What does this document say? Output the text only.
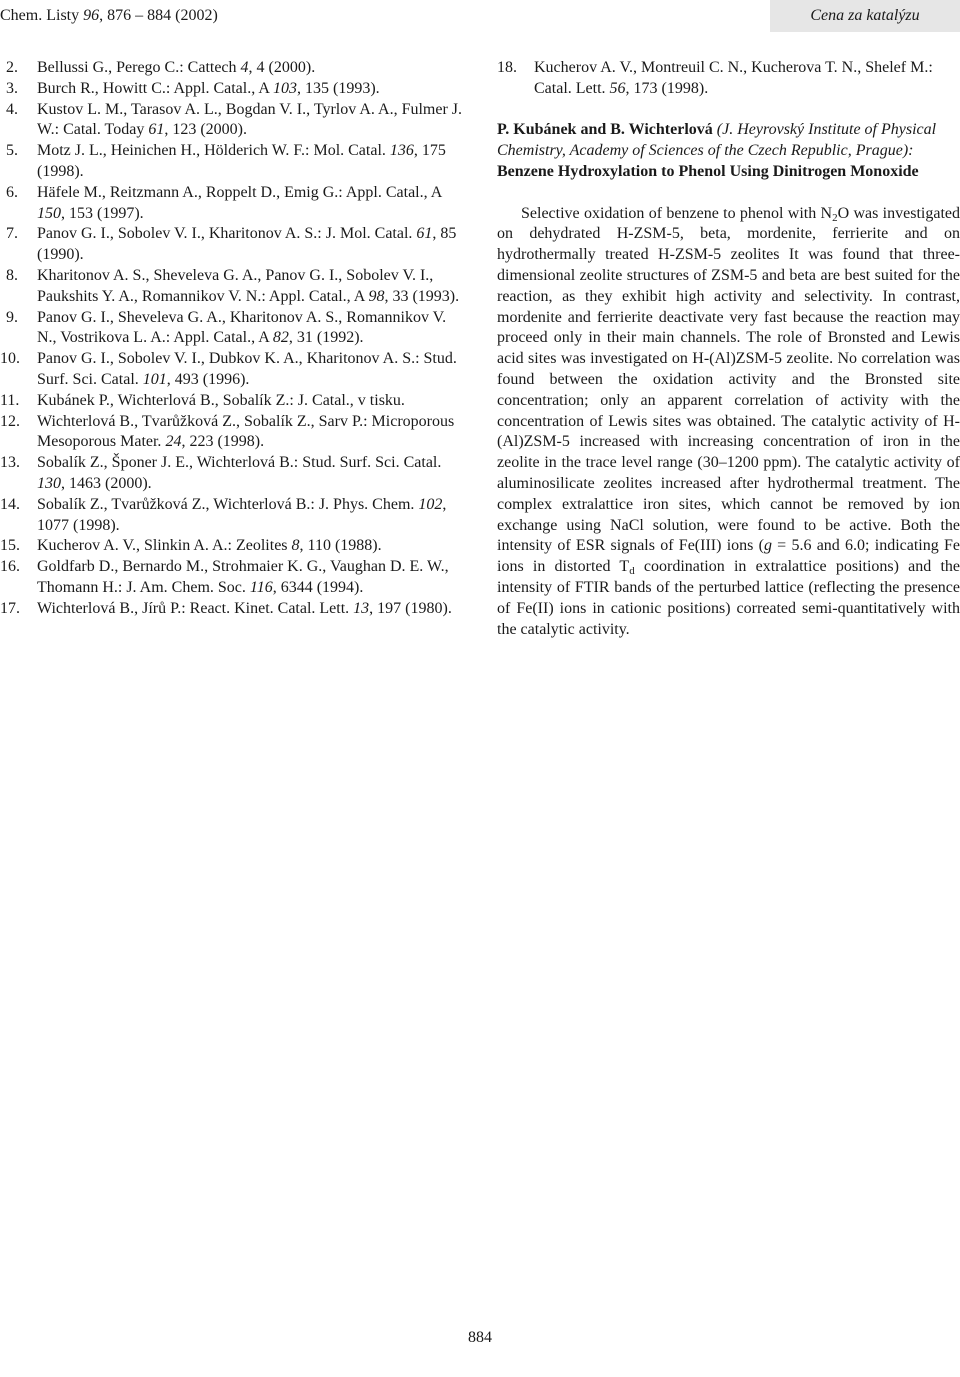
Chem. Listy 96, 876 – 884 (2002)	Cena za katalýzu
2. Bellussi G., Perego C.: Cattech 4, 4 (2000).
3. Burch R., Howitt C.: Appl. Catal., A 103, 135 (1993).
4. Kustov L. M., Tarasov A. L., Bogdan V. I., Tyrlov A. A., Fulmer J. W.: Catal. Today 61, 123 (2000).
5. Motz J. L., Heinichen H., Hölderich W. F.: Mol. Catal. 136, 175 (1998).
6. Häfele M., Reitzmann A., Roppelt D., Emig G.: Appl. Catal., A 150, 153 (1997).
7. Panov G. I., Sobolev V. I., Kharitonov A. S.: J. Mol. Catal. 61, 85 (1990).
8. Kharitonov A. S., Sheveleva G. A., Panov G. I., Sobolev V. I., Paukshits Y. A., Romannikov V. N.: Appl. Catal., A 98, 33 (1993).
9. Panov G. I., Sheveleva G. A., Kharitonov A. S., Romannikov V. N., Vostrikova L. A.: Appl. Catal., A 82, 31 (1992).
10. Panov G. I., Sobolev V. I., Dubkov K. A., Kharitonov A. S.: Stud. Surf. Sci. Catal. 101, 493 (1996).
11. Kubánek P., Wichterlová B., Sobalík Z.: J. Catal., v tisku.
12. Wichterlová B., Tvarůžková Z., Sobalík Z., Sarv P.: Microporous Mesoporous Mater. 24, 223 (1998).
13. Sobalík Z., Šponer J. E., Wichterlová B.: Stud. Surf. Sci. Catal. 130, 1463 (2000).
14. Sobalík Z., Tvarůžková Z., Wichterlová B.: J. Phys. Chem. 102, 1077 (1998).
15. Kucherov A. V., Slinkin A. A.: Zeolites 8, 110 (1988).
16. Goldfarb D., Bernardo M., Strohmaier K. G., Vaughan D. E. W., Thomann H.: J. Am. Chem. Soc. 116, 6344 (1994).
17. Wichterlová B., Jírů P.: React. Kinet. Catal. Lett. 13, 197 (1980).
18. Kucherov A. V., Montreuil C. N., Kucherova T. N., Shelef M.: Catal. Lett. 56, 173 (1998).
P. Kubánek and B. Wichterlová (J. Heyrovský Institute of Physical Chemistry, Academy of Sciences of the Czech Republic, Prague): Benzene Hydroxylation to Phenol Using Dinitrogen Monoxide
Selective oxidation of benzene to phenol with $N_2O$ was investigated on dehydrated H-ZSM-5, beta, mordenite, ferrierite and on hydrothermally treated H-ZSM-5 zeolites It was found that three-dimensional zeolite structures of ZSM-5 and beta are best suited for the reaction, as they exhibit high activity and selectivity. In contrast, mordenite and ferrierite deactivate very fast because the reaction may proceed only in their main channels. The role of Bronsted and Lewis acid sites was investigated on H-(Al)ZSM-5 zeolite. No correlation was found between the oxidation activity and the Bronsted site concentration; only an apparent correlation of activity with the concentration of Lewis sites was obtained. The catalytic activity of H-(Al)ZSM-5 increased with increasing concentration of iron in the zeolite in the trace level range (30–1200 ppm). The catalytic activity of aluminosilicate zeolites increased after hydrothermal treatment. The complex extralattice iron sites, which cannot be removed by ion exchange using NaCl solution, were found to be active. Both the intensity of ESR signals of Fe(III) ions (g = 5.6 and 6.0; indicating Fe ions in distorted $T_d$ coordination in extralattice positions) and the intensity of FTIR bands of the perturbed lattice (reflecting the presence of Fe(II) ions in cationic positions) correated semi-quantitatively with the catalytic activity.
884
